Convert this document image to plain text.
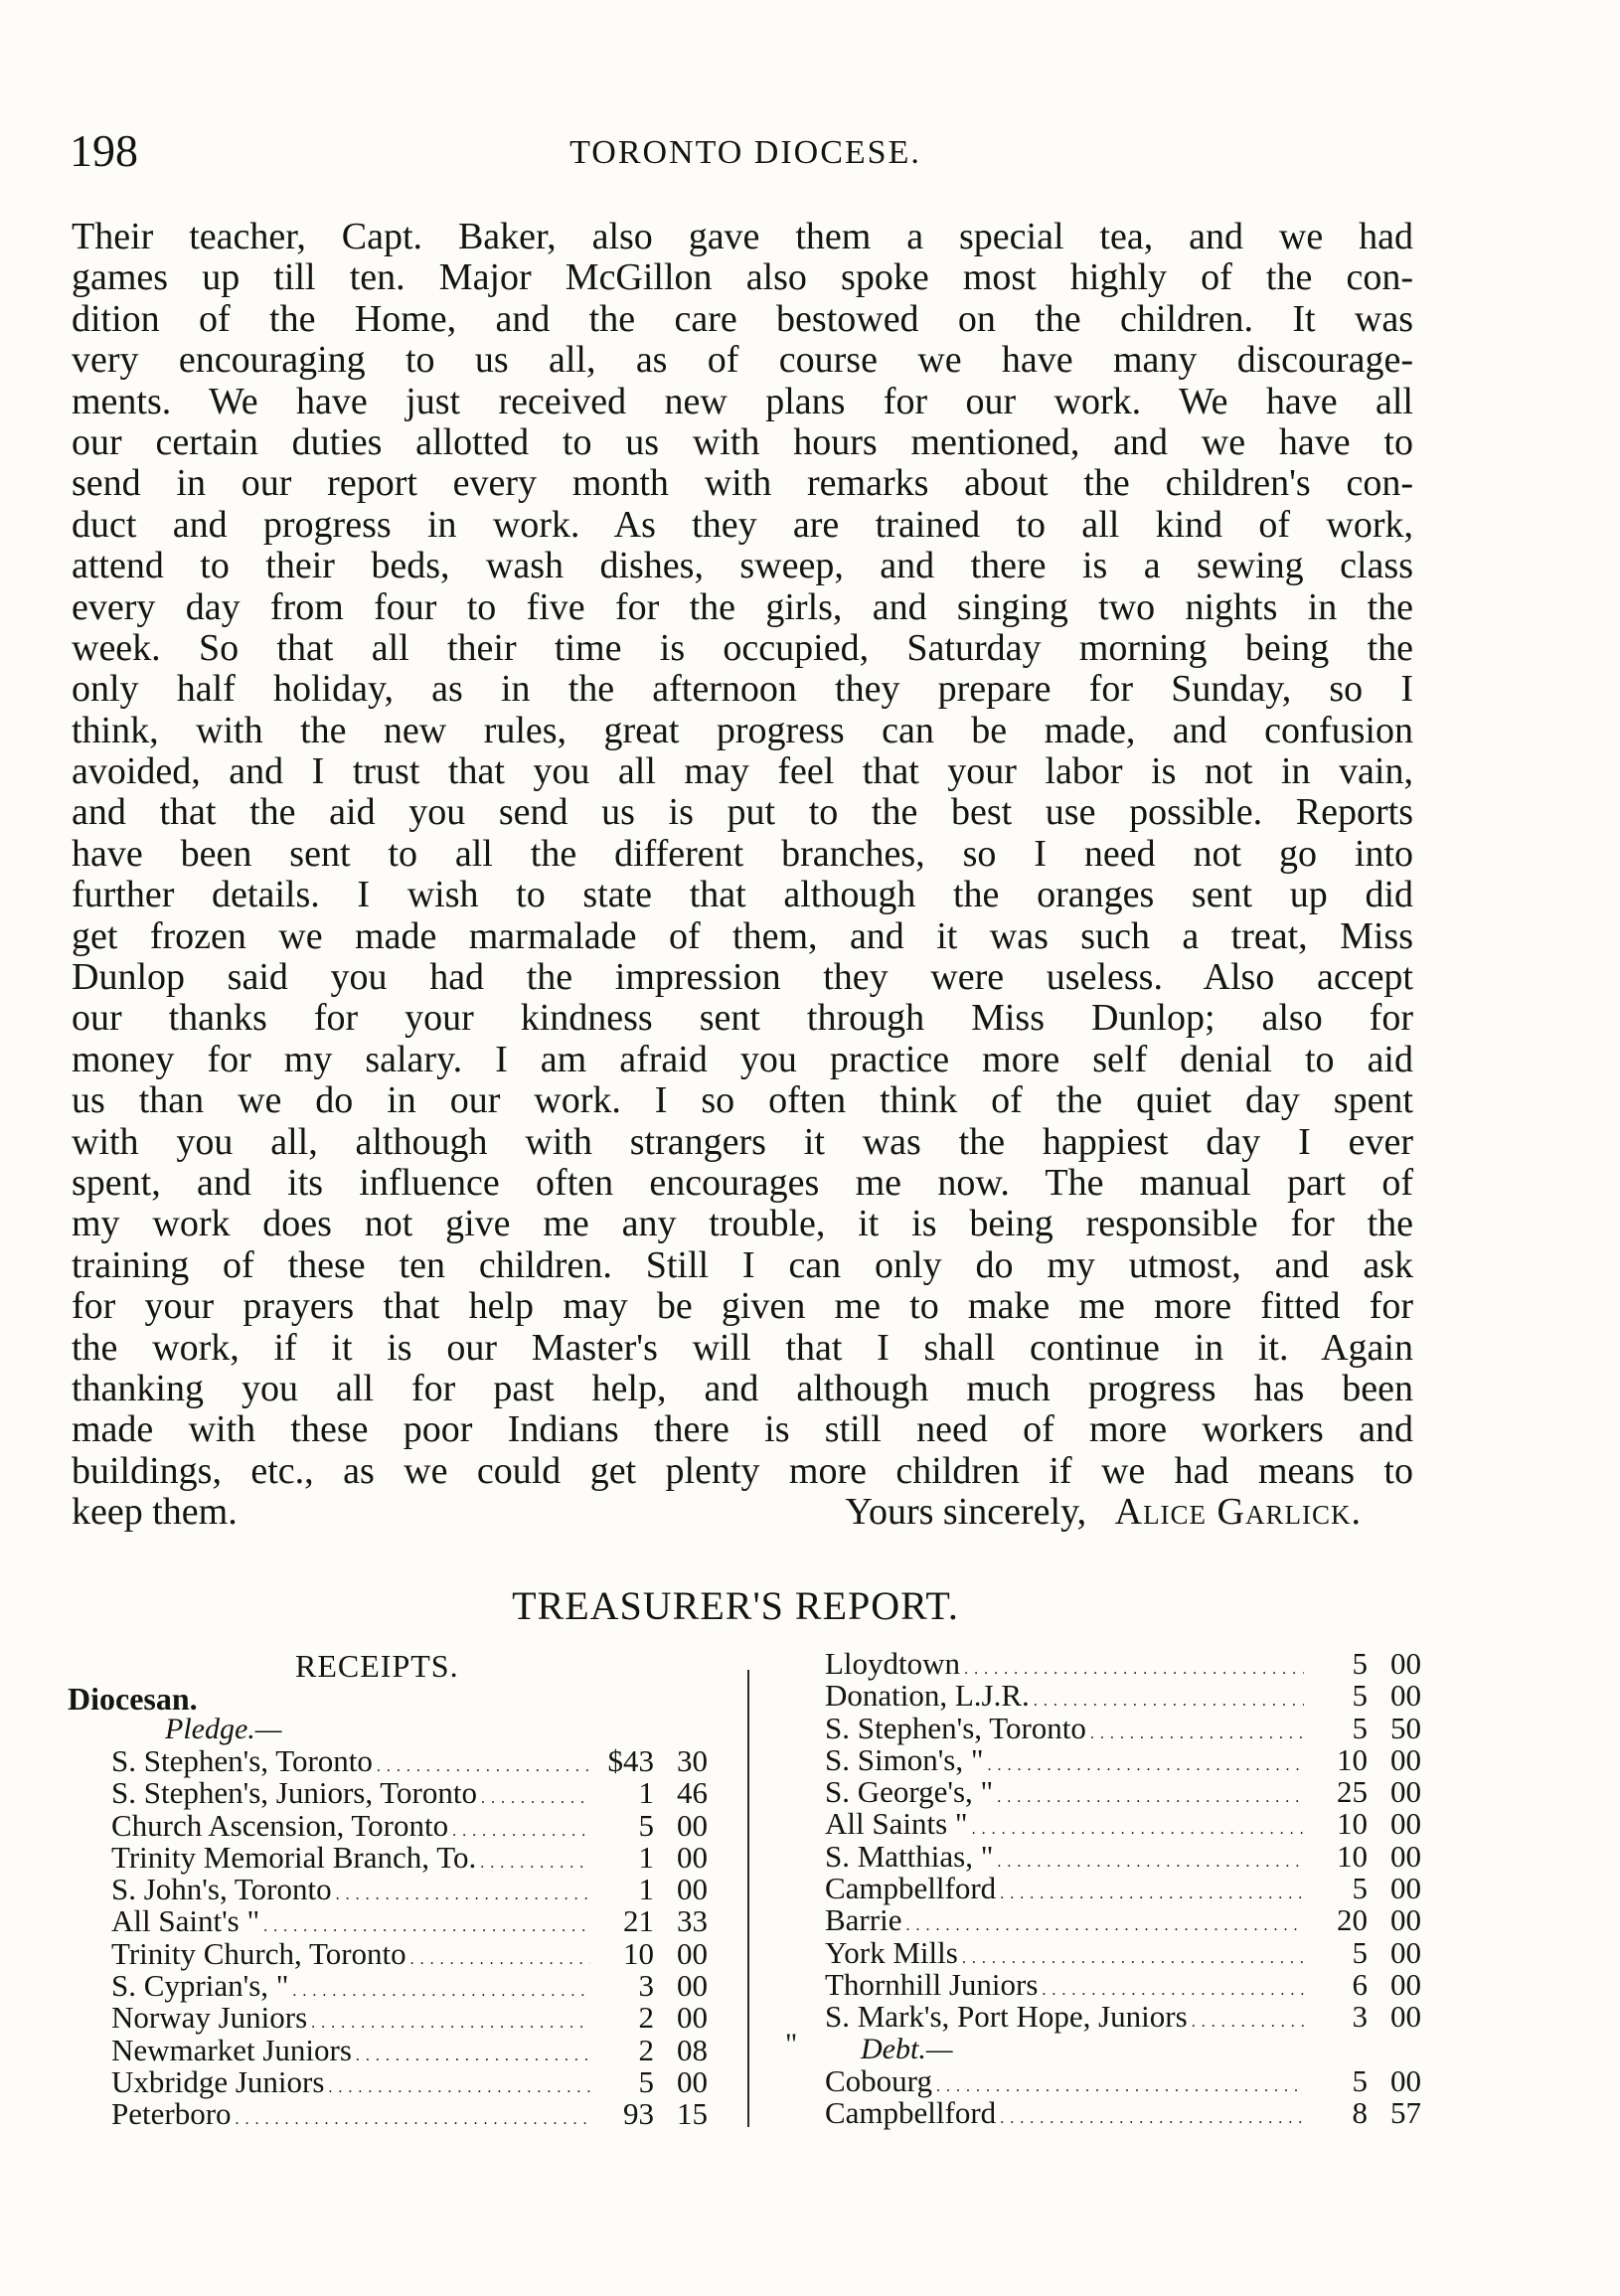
198	TORONTO DIOCESE.
Their teacher, Capt. Baker, also gave them a special tea, and we had
games up till ten. Major McGillon also spoke most highly of the con-
dition of the Home, and the care bestowed on the children. It was
very encouraging to us all, as of course we have many discourage-
ments. We have just received new plans for our work. We have all
our certain duties allotted to us with hours mentioned, and we have to
send in our report every month with remarks about the children's con-
duct and progress in work. As they are trained to all kind of work,
attend to their beds, wash dishes, sweep, and there is a sewing class
every day from four to five for the girls, and singing two nights in the
week. So that all their time is occupied, Saturday morning being the
only half holiday, as in the afternoon they prepare for Sunday, so I
think, with the new rules, great progress can be made, and confusion
avoided, and I trust that you all may feel that your labor is not in vain,
and that the aid you send us is put to the best use possible. Reports
have been sent to all the different branches, so I need not go into
further details. I wish to state that although the oranges sent up did
get frozen we made marmalade of them, and it was such a treat, Miss
Dunlop said you had the impression they were useless. Also accept
our thanks for your kindness sent through Miss Dunlop; also for
money for my salary. I am afraid you practice more self denial to aid
us than we do in our work. I so often think of the quiet day spent
with you all, although with strangers it was the happiest day I ever
spent, and its influence often encourages me now. The manual part of
my work does not give me any trouble, it is being responsible for the
training of these ten children. Still I can only do my utmost, and ask
for your prayers that help may be given me to make me more fitted for
the work, if it is our Master's will that I shall continue in it. Again
thanking you all for past help, and although much progress has been
made with these poor Indians there is still need of more workers and
buildings, etc., as we could get plenty more children if we had means to
keep them.	Yours sincerely, Alice Garlick.
TREASURER'S REPORT.
RECEIPTS.
Diocesan.
Pledge.—
S. Stephen's, Toronto . . .	$43 30
S. Stephen's, Juniors, Toronto . . .	1 46
Church Ascension, Toronto . . .	5 00
Trinity Memorial Branch, To. . . .	1 00
S. John's, Toronto . . .	1 00
All Saint's " . . .	21 33
Trinity Church, Toronto . . .	10 00
S. Cyprian's, " . . .	3 00
Norway Juniors . . .	2 00
Newmarket Juniors . . .	2 08
Uxbridge Juniors . . .	5 00
Peterboro . . .	93 15
Lloydtown . . .	5 00
Donation, L.J.R. . . .	5 00
S. Stephen's, Toronto . . .	5 50
S. Simon's, " . . .	10 00
S. George's, " . . .	25 00
All Saints " . . .	10 00
S. Matthias, " . . .	10 00
Campbellford . . .	5 00
Barrie . . .	20 00
York Mills . . .	5 00
Thornhill Juniors . . .	6 00
S. Mark's, Port Hope, Juniors . . .	3 00
Debt.—
Cobourg . . .	5 00
Campbellford . . .	8 57
"
